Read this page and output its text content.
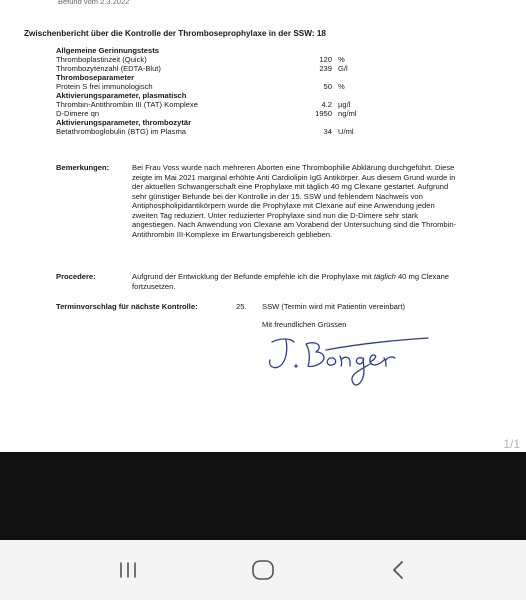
Befund vom 2.3.2022
Zwischenbericht über die Kontrolle der Thromboseprophylaxe in der SSW: 18
Allgemeine Gerinnungstests
Thromboplastinzeit (Quick)	120 %
Thrombozytenzahl (EDTA-Blut)	239 G/l
Thromboseparameter
Protein S frei immunologisch	50 %
Aktivierungsparameter, plasmatisch
Thrombin-Antithrombin III (TAT) Komplexe	4.2 µg/l
D-Dimere qn	1950 ng/ml
Aktivierungsparameter, thrombozytär
Betathromboglobulin (BTG) im Plasma	34 U/ml
Bemerkungen:	Bei Frau Voss wurde nach mehreren Aborten eine Thrombophilie Abklärung durchgeführt. Diese zeigte im Mai 2021 marginal erhöhte Anti Cardiolipin IgG Antikörper. Aus diesem Grund wurde in der aktuellen Schwangerschaft eine Prophylaxe mit täglich 40 mg Clexane gestartet. Aufgrund sehr günstiger Befunde bei der Kontrolle in der 15. SSW und fehlendem Nachweis von Antiphospholipidantikörpern wurde die Prophylaxe mit Clexane auf eine Anwendung jeden zweiten Tag reduziert. Unter reduzierter Prophylaxe sind nun die D-Dimere sehr stark angestiegen. Nach Anwendung von Clexane am Vorabend der Untersuchung sind die Thrombin-Antithrombin III-Komplexe im Erwartungsbereich geblieben.
Procedere:	Aufgrund der Entwicklung der Befunde empfehle ich die Prophylaxe mit täglich 40 mg Clexane fortzusetzen.
Terminvorschlag für nächste Kontrolle:	25. SSW (Termin wird mit Patientin vereinbart)
Mit freundlichen Grüssen
1/1
